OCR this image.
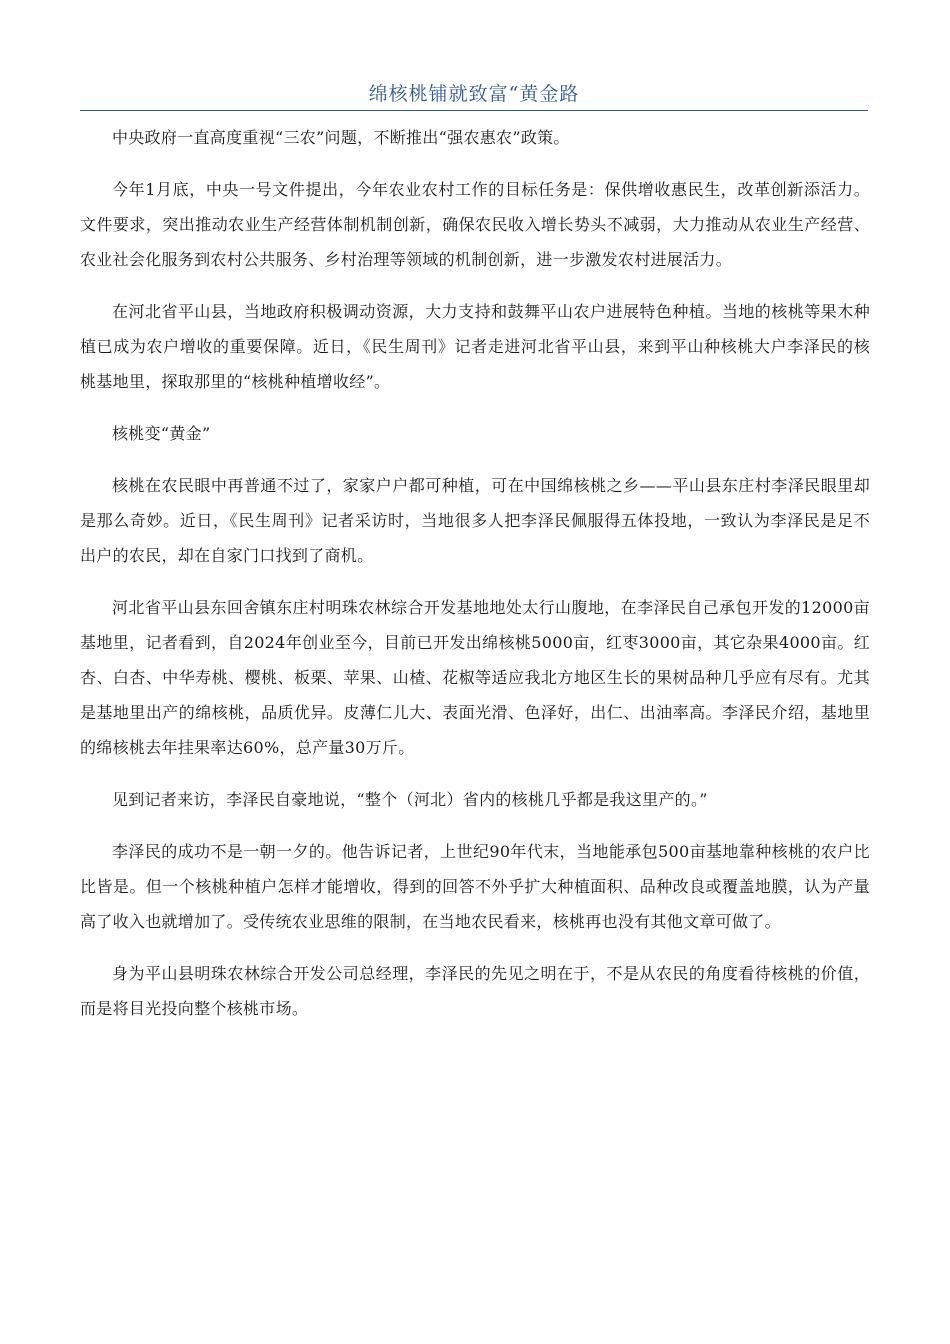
绵核桃铺就致富“黄金路

中央政府一直高度重视“三农”问题，不断推出“强农惠农”政策。

今年1月底，中央一号文件提出，今年农业农村工作的目标任务是：保供增收惠民生，改革创新添活力。文件要求，突出推动农业生产经营体制机制创新，确保农民收入增长势头不减弱，大力推动从农业生产经营、农业社会化服务到农村公共服务、乡村治理等领域的机制创新，进一步激发农村进展活力。

在河北省平山县，当地政府积极调动资源，大力支持和鼓舞平山农户进展特色种植。当地的核桃等果木种植已成为农户增收的重要保障。近日，《民生周刊》记者走进河北省平山县，来到平山种核桃大户李泽民的核桃基地里，探取那里的“核桃种植增收经”。

核桃变“黄金”

核桃在农民眼中再普通不过了，家家户户都可种植，可在中国绵核桃之乡——平山县东庄村李泽民眼里却是那么奇妙。近日，《民生周刊》记者采访时，当地很多人把李泽民佩服得五体投地，一致认为李泽民是足不出户的农民，却在自家门口找到了商机。

河北省平山县东回舍镇东庄村明珠农林综合开发基地地处太行山腹地，在李泽民自己承包开发的12000亩基地里，记者看到，自2024年创业至今，目前已开发出绵核桃5000亩，红枣3000亩，其它杂果4000亩。红杏、白杏、中华寿桃、樱桃、板栗、苹果、山楂、花椒等适应我北方地区生长的果树品种几乎应有尽有。尤其是基地里出产的绵核桃，品质优异。皮薄仁儿大、表面光滑、色泽好，出仁、出油率高。李泽民介绍，基地里的绵核桃去年挂果率达60%，总产量30万斤。

见到记者来访，李泽民自豪地说，“整个（河北）省内的核桃几乎都是我这里产的。”

李泽民的成功不是一朝一夕的。他告诉记者，上世纪90年代末，当地能承包500亩基地靠种核桃的农户比比皆是。但一个核桃种植户怎样才能增收，得到的回答不外乎扩大种植面积、品种改良或覆盖地膜，认为产量高了收入也就增加了。受传统农业思维的限制，在当地农民看来，核桃再也没有其他文章可做了。

身为平山县明珠农林综合开发公司总经理，李泽民的先见之明在于，不是从农民的角度看待核桃的价值，而是将目光投向整个核桃市场。
